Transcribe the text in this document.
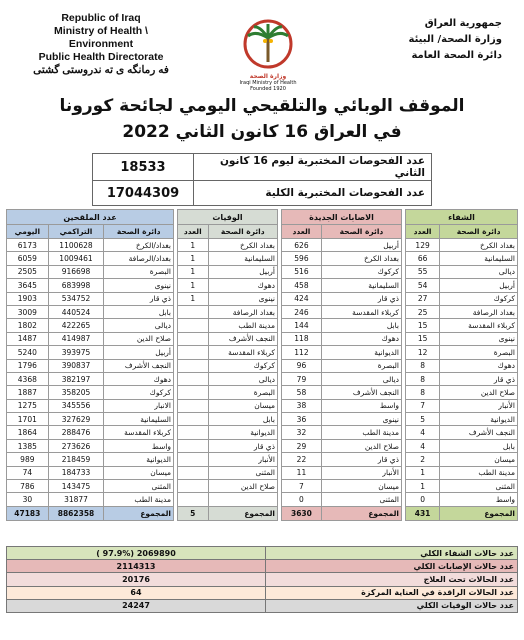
Republic of Iraq
Ministry of Health \ Environment
Public Health Directorate
فه رمانگه ی ته ندروستی گشتی
وزارة الصحة
Iraqi Ministry of Health
Founded 1920
جمهورية العراق
وزارة الصحة/ البيئة
دائرة الصحة العامة
الموقف الوبائي والتلقيحي اليومي لجائحة كورونا
في العراق 16 كانون الثاني 2022
18533	عدد الفحوصات المختبرية ليوم 16 كانون الثاني
17044309	عدد الفحوصات المختبرية الكلية
عدد الملقحين		
اليومي	التراكمي	دائرة الصحة
6173	1100628	بغداد/الكرخ
6059	1009461	بغداد/الرصافة
2505	916698	البصرة
3645	683998	نينوى
1903	534752	ذي قار
3009	440524	بابل
1802	422265	ديالى
1487	414987	صلاح الدين
5240	393975	أربيل
1796	390837	النجف الأشرف
4368	382197	دهوك
1887	358205	كركوك
1275	345556	الانبار
1701	327629	السليمانية
1864	288476	كربلاء المقدسة
1385	273626	واسط
989	218459	الديوانية
74	184733	ميسان
786	143475	المثنى
30	31877	مدينة الطب
47183	8862358	المجموع
الوفيات	
العدد	دائرة الصحة
1	بغداد الكرخ
1	السليمانية
1	أربيل
1	دهوك
1	نينوى
	بغداد الرصافة
	مدينة الطب
	النجف الأشرف
	كربلاء المقدسة
	كركوك
	ديالى
	البصرة
	ميسان
	بابل
	الديوانية
	ذي قار
	الأنبار
	المثنى
	صلاح الدين

5	المجموع
الاصابات الجديدة	
العدد	دائرة الصحة
626	أربيل
596	بغداد الكرخ
516	كركوك
458	السليمانية
424	ذي قار
246	كربلاء المقدسة
144	بابل
118	دهوك
112	الديوانية
96	البصرة
79	ديالى
58	النجف الأشرف
38	واسط
36	نينوى
32	مدينة الطب
29	صلاح الدين
22	ذي قار
11	الأنبار
7	ميسان
0	المثنى
3630	المجموع
الشفاء	
العدد	دائرة الصحة
129	بغداد الكرخ
66	السليمانية
55	ديالى
54	أربيل
27	كركوك
25	بغداد الرصافة
15	كربلاء المقدسة
15	نينوى
12	البصرة
8	دهوك
8	ذي قار
8	صلاح الدين
7	الأنبار
5	الديوانية
4	النجف الأشرف
4	بابل
2	ميسان
1	مدينة الطب
1	المثنى
0	واسط
431	المجموع
( 97.9%) 2069890	عدد حالات الشفاء الكلي
2114313	عدد حالات الإصابات الكلي
20176	عدد الحالات تحت العلاج
64	عدد الحالات الراقدة في العناية المركزة
24247	عدد حالات الوفيات الكلي
